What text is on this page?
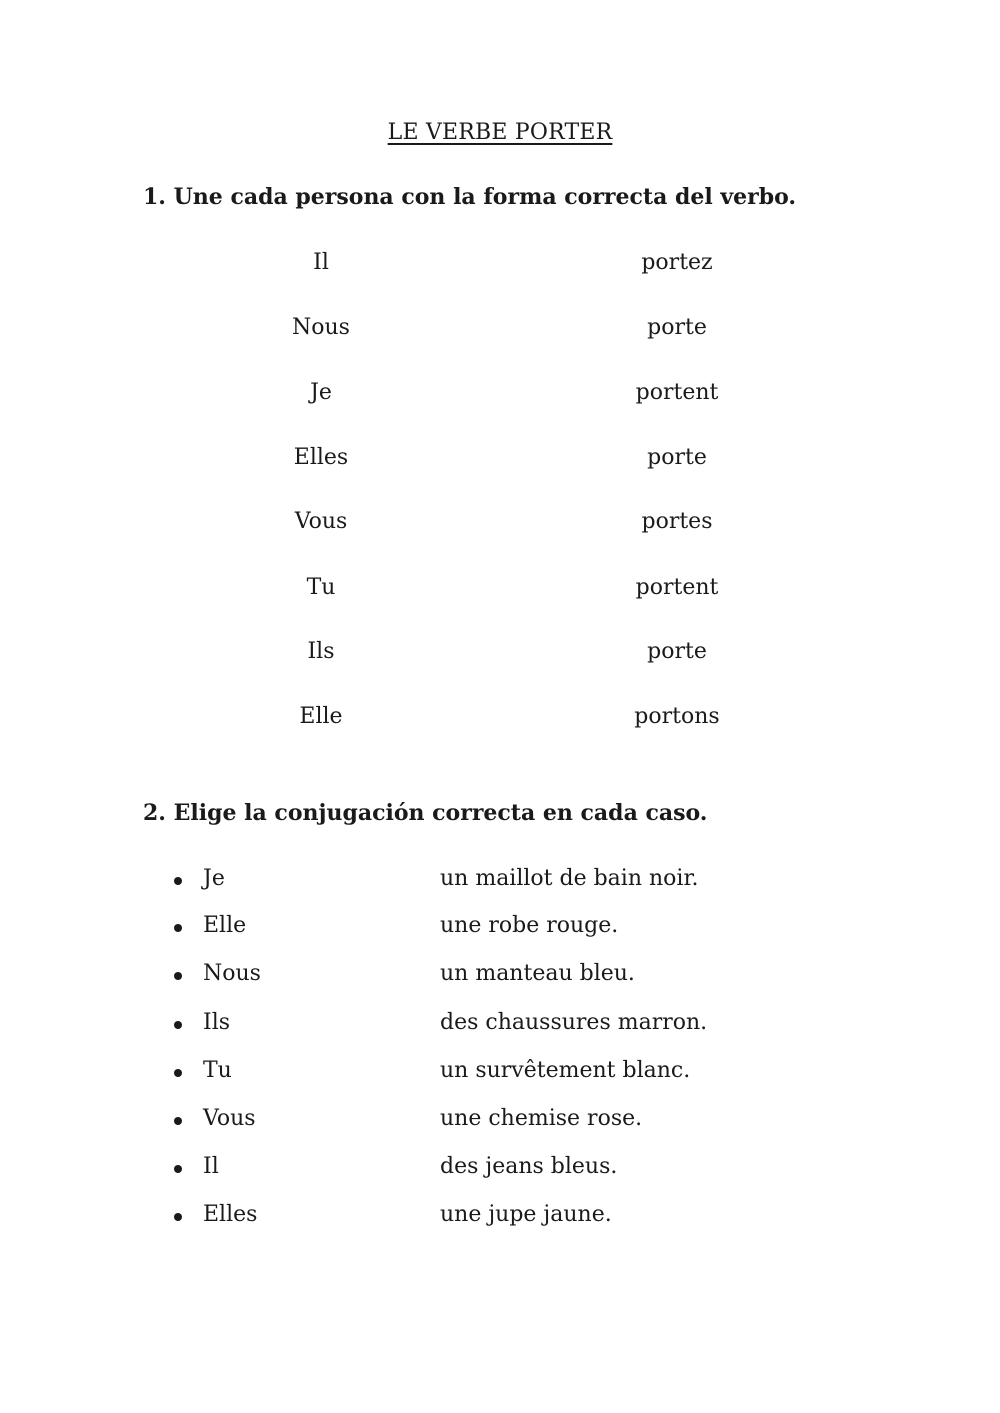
LE VERBE PORTER
1. Une cada persona con la forma correcta del verbo.
Il	portez
Nous	porte
Je	portent
Elles	porte
Vous	portes
Tu	portent
Ils	porte
Elle	portons
2. Elige la conjugación correcta en cada caso.
Je	un maillot de bain noir.
Elle	une robe rouge.
Nous	un manteau bleu.
Ils	des chaussures marron.
Tu	un survêtement blanc.
Vous	une chemise rose.
Il	des jeans bleus.
Elles	une jupe jaune.
